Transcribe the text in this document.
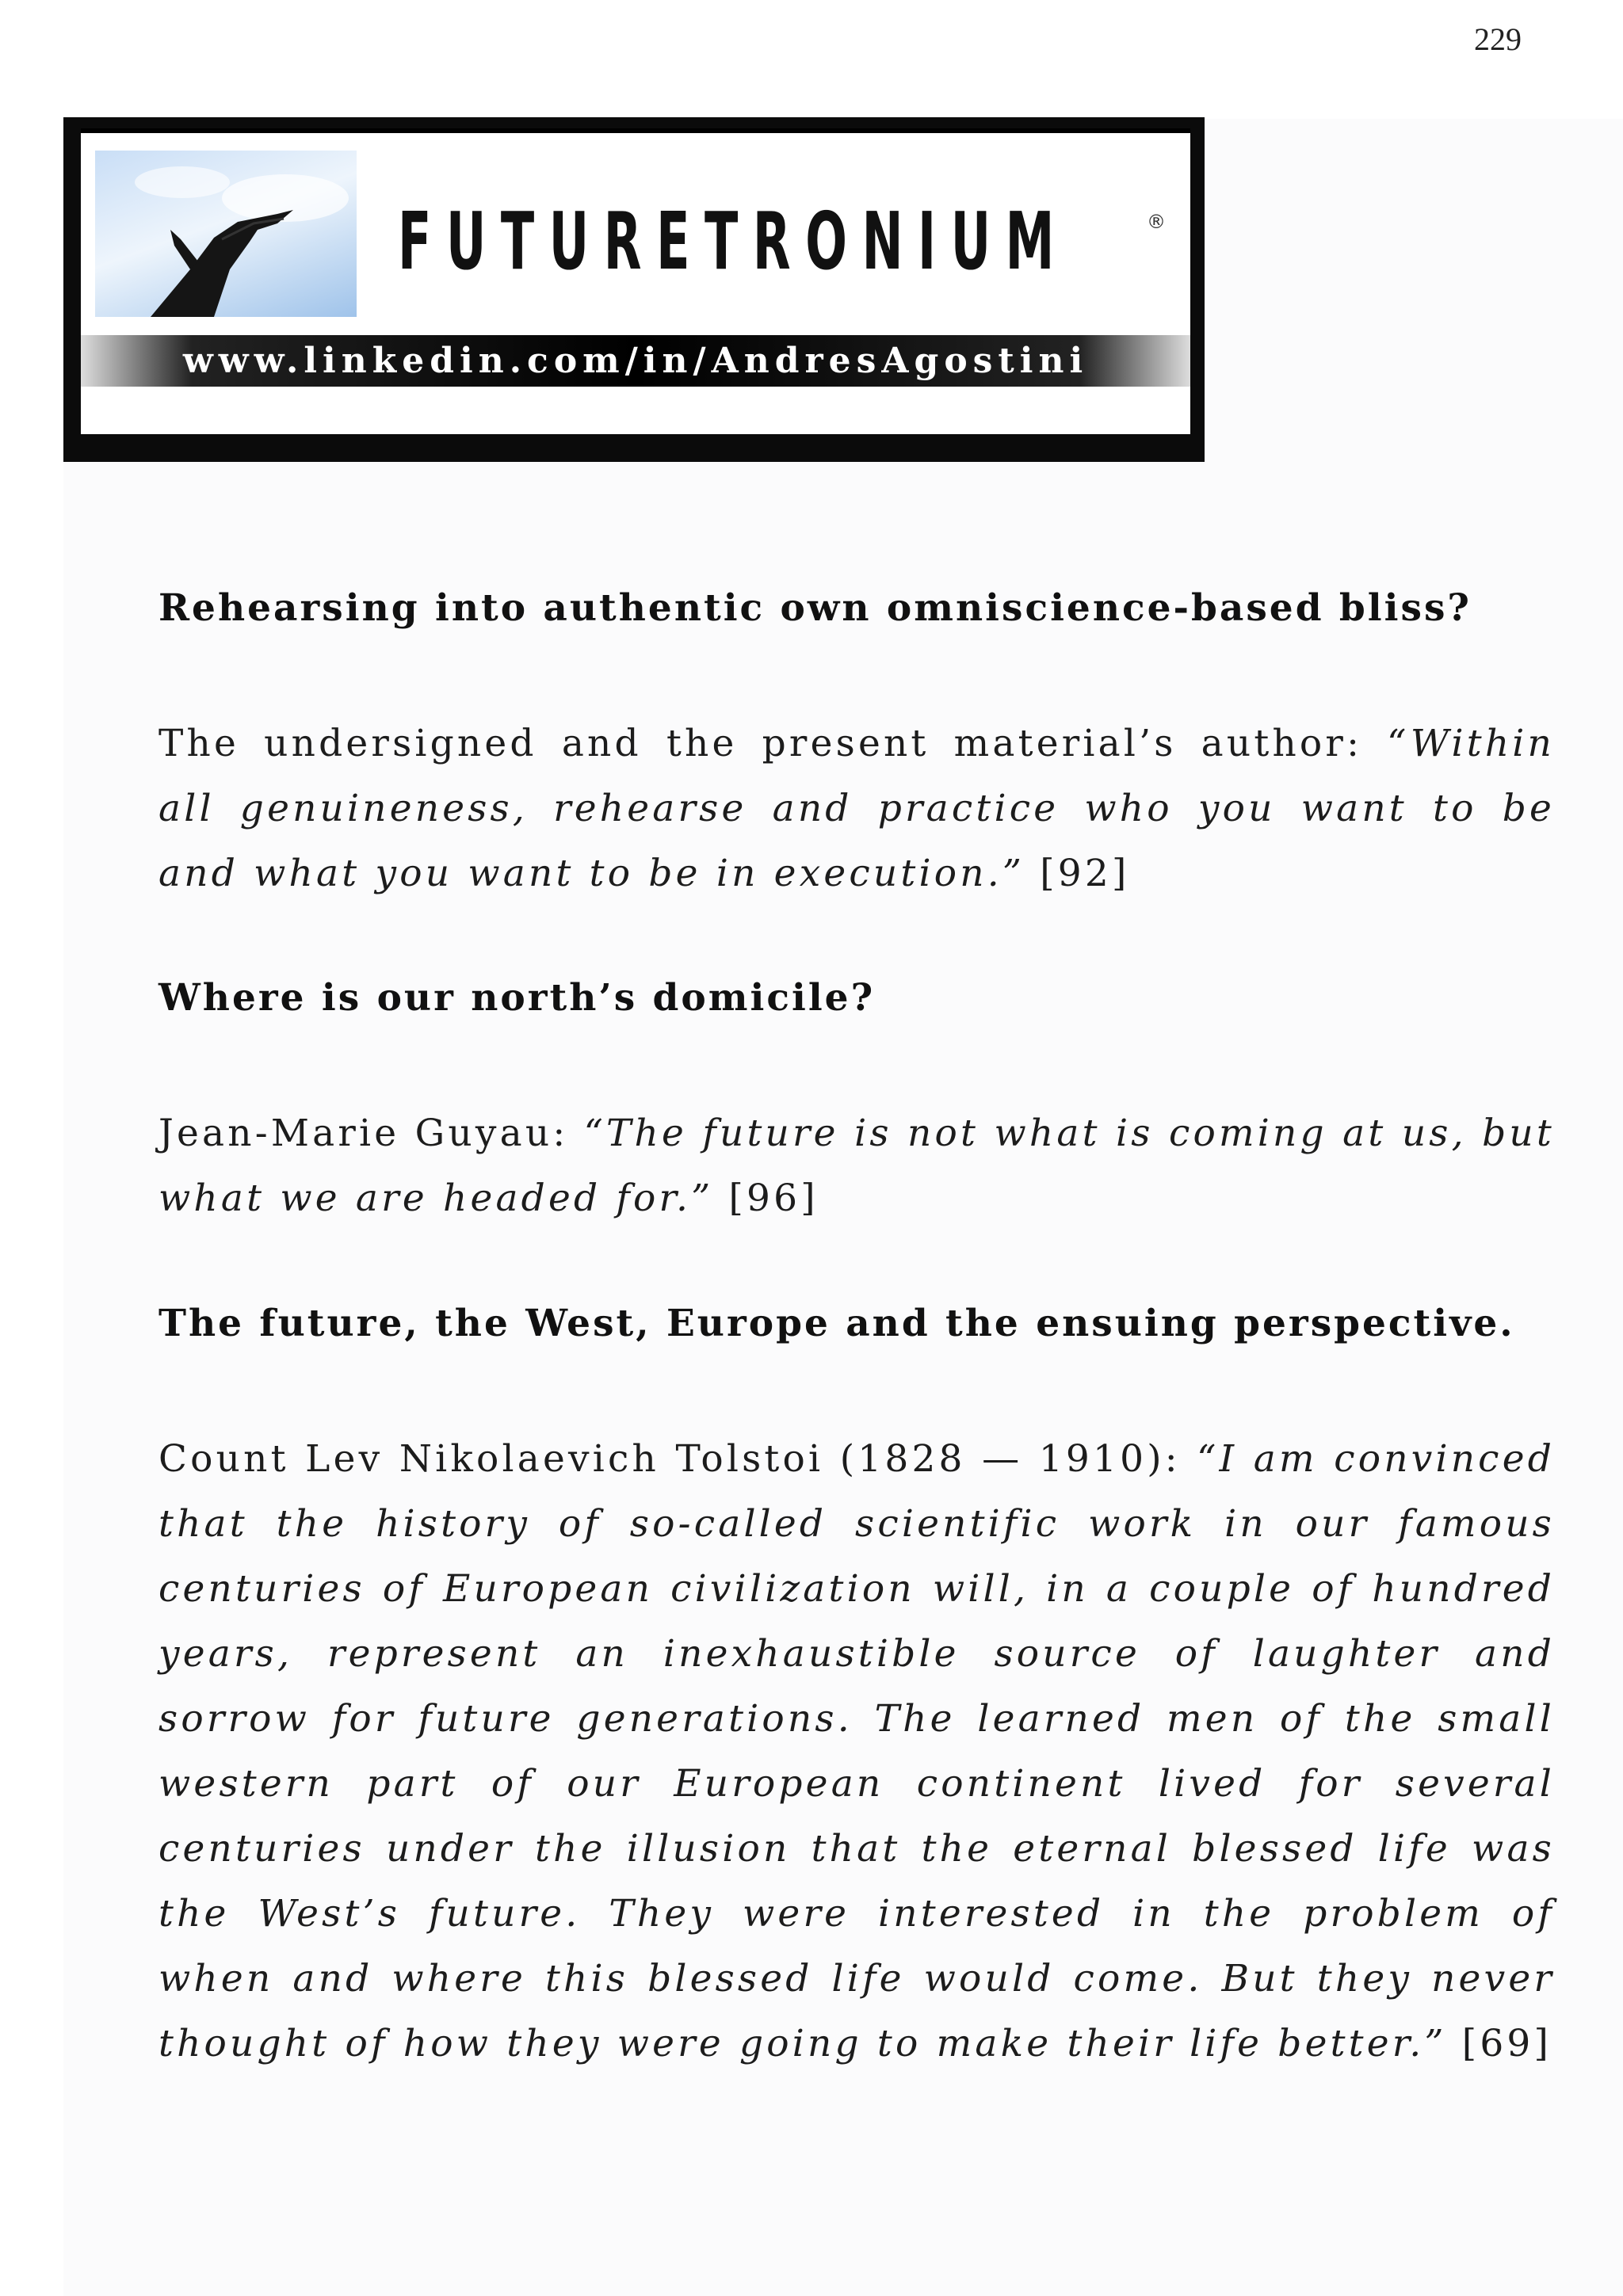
229
FUTURETRONIUM	®
www.linkedin.com/in/AndresAgostini
FUTURETRONIUM, THE BOOK
Rehearsing into authentic own omniscience-based bliss?
The undersigned and the present material’s author: “Within all genuineness, rehearse and practice who you want to be and what you want to be in execution.” [92]
Where is our north’s domicile?
Jean-Marie Guyau: “The future is not what is coming at us, but what we are headed for.” [96]
The future, the West, Europe and the ensuing perspective.
Count Lev Nikolaevich Tolstoi (1828 — 1910): “I am convinced that the history of so-called scientific work in our famous centuries of European civilization will, in a couple of hundred years, represent an inexhaustible source of laughter and sorrow for future generations. The learned men of the small western part of our European continent lived for several centuries under the illusion that the eternal blessed life was the West’s future. They were interested in the problem of when and where this blessed life would come. But they never thought of how they were going to make their life better.” [69]
